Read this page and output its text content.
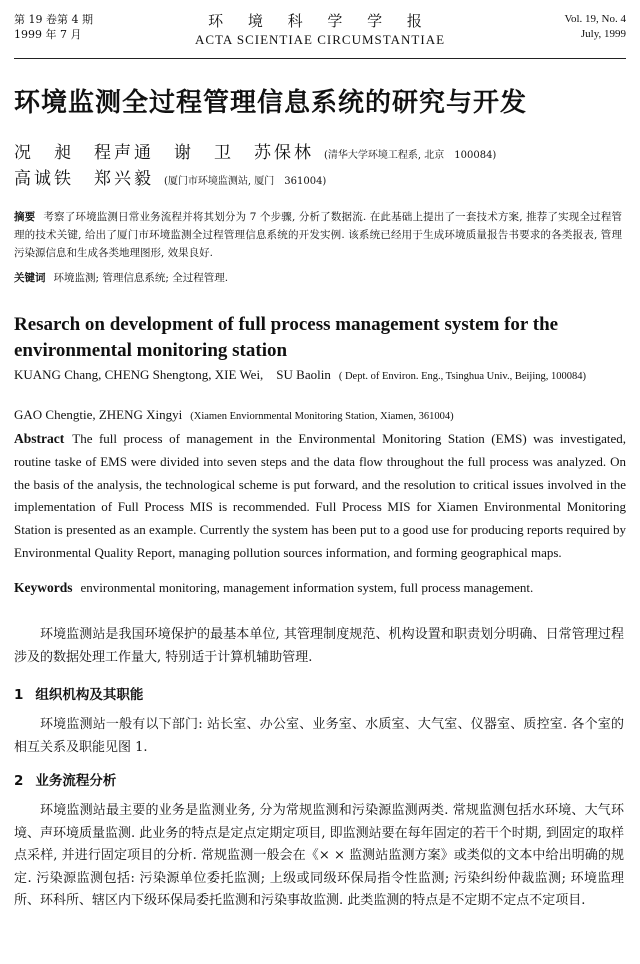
第 19 卷第 4 期
1999 年 7 月
环 境 科 学 学 报
ACTA SCIENTIAE CIRCUMSTANTIAE
Vol. 19, No. 4
July, 1999
环境监测全过程管理信息系统的研究与开发
况　昶　程声通　谢　卫　苏保林 (清华大学环境工程系, 北京　100084)
高诚铁　郑兴毅 (厦门市环境监测站, 厦门　361004)
摘要 考察了环境监测日常业务流程并将其划分为 7 个步骤, 分析了数据流. 在此基础上提出了一套技术方案, 推荐了实现全过程管理的技术关键, 给出了厦门市环境监测全过程管理信息系统的开发实例. 该系统已经用于生成环境质量报告书要求的各类报表, 管理污染源信息和生成各类地理图形, 效果良好.
关键词 环境监测; 管理信息系统; 全过程管理.
Resarch on development of full process management system for the environmental monitoring station
KUANG Chang, CHENG Shengtong, XIE Wei,　SU Baolin ( Dept. of Environ. Eng., Tsinghua Univ., Beijing, 100084)
GAO Chengtie, ZHENG Xingyi (Xiamen Enviornmental Monitoring Station, Xiamen, 361004)
Abstract The full process of management in the Environmental Monitoring Station (EMS) was investigated, routine taske of EMS were divided into seven steps and the data flow throughout the full process was analyzed. On the basis of the analysis, the technological scheme is put forward, and the resolution to critical issues involved in the implementation of Full Process MIS is recommended. Full Process MIS for Xiamen Environmental Monitoring Station is presented as an example. Currently the system has been put to a good use for producing reports required by Environmental Quality Report, managing pollution sources information, and forming geographical maps.
Keywords environmental monitoring, management information system, full process management.
环境监测站是我国环境保护的最基本单位, 其管理制度规范、机构设置和职责划分明确、日常管理过程涉及的数据处理工作量大, 特别适于计算机辅助管理.
1 组织机构及其职能
环境监测站一般有以下部门: 站长室、办公室、业务室、水质室、大气室、仪器室、质控室. 各个室的相互关系及职能见图 1.
2 业务流程分析
环境监测站最主要的业务是监测业务, 分为常规监测和污染源监测两类. 常规监测包括水环境、大气环境、声环境质量监测. 此业务的特点是定点定期定项目, 即监测站要在每年固定的若干个时期, 到固定的取样点采样, 并进行固定项目的分析. 常规监测一般会在《× × 监测站监测方案》或类似的文本中给出明确的规定. 污染源监测包括: 污染源单位委托监测; 上级或同级环保局指令性监测; 污染纠纷仲裁监测; 环境监理所、环科所、辖区内下级环保局委托监测和污染事故监测. 此类监测的特点是不定期不定点不定项目.
